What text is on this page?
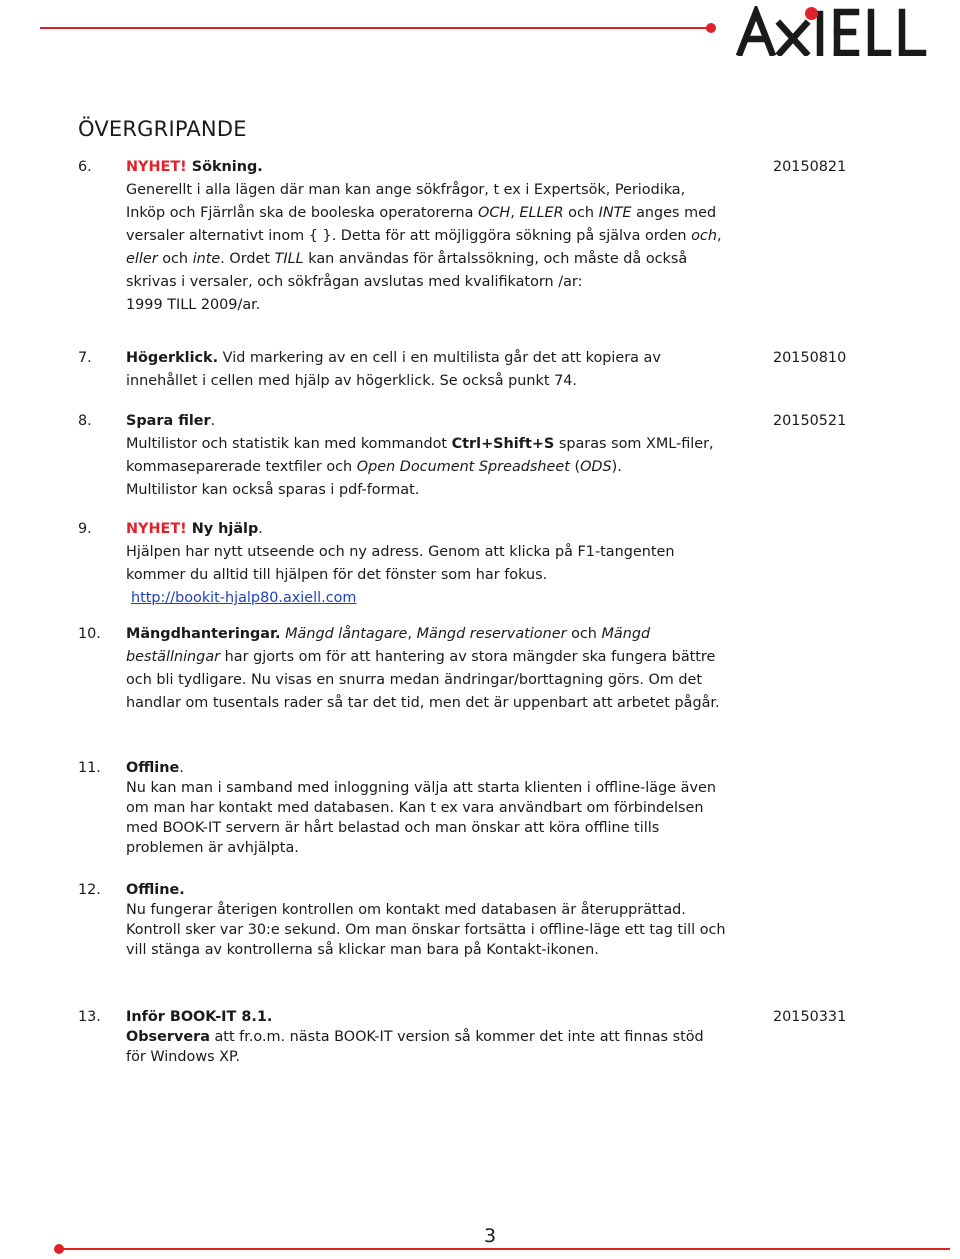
ÖVERGRIPANDE
6.	20150821
NYHET! Sökning.
Generellt i alla lägen där man kan ange sökfrågor, t ex i Expertsök, Periodika, Inköp och Fjärrlån ska de booleska operatorerna OCH, ELLER och INTE anges med versaler alternativt inom { }. Detta för att möjliggöra sökning på själva orden och, eller och inte. Ordet TILL kan användas för årtalssökning, och måste då också skrivas i versaler, och sökfrågan avslutas med kvalifikatorn /ar:
1999 TILL 2009/ar.
7.	20150810
Högerklick. Vid markering av en cell i en multilista går det att kopiera av innehållet i cellen med hjälp av högerklick. Se också punkt 74.
8.	20150521
Spara filer.
Multilistor och statistik kan med kommandot Ctrl+Shift+S sparas som XML-filer, kommaseparerade textfiler och Open Document Spreadsheet (ODS).
Multilistor kan också sparas i pdf-format.
9. NYHET! Ny hjälp.
Hjälpen har nytt utseende och ny adress. Genom att klicka på F1-tangenten kommer du alltid till hjälpen för det fönster som har fokus.
http://bookit-hjalp80.axiell.com
10. Mängdhanteringar. Mängd låntagare, Mängd reservationer och Mängd beställningar har gjorts om för att hantering av stora mängder ska fungera bättre och bli tydligare. Nu visas en snurra medan ändringar/borttagning görs. Om det handlar om tusentals rader så tar det tid, men det är uppenbart att arbetet pågår.
11. Offline.
Nu kan man i samband med inloggning välja att starta klienten i offline-läge även om man har kontakt med databasen. Kan t ex vara användbart om förbindelsen med BOOK-IT servern är hårt belastad och man önskar att köra offline tills problemen är avhjälpta.
12. Offline.
Nu fungerar återigen kontrollen om kontakt med databasen är återupprättad. Kontroll sker var 30:e sekund. Om man önskar fortsätta i offline-läge ett tag till och vill stänga av kontrollerna så klickar man bara på Kontakt-ikonen.
13.	20150331
Inför BOOK-IT 8.1.
Observera att fr.o.m. nästa BOOK-IT version så kommer det inte att finnas stöd för Windows XP.
3
